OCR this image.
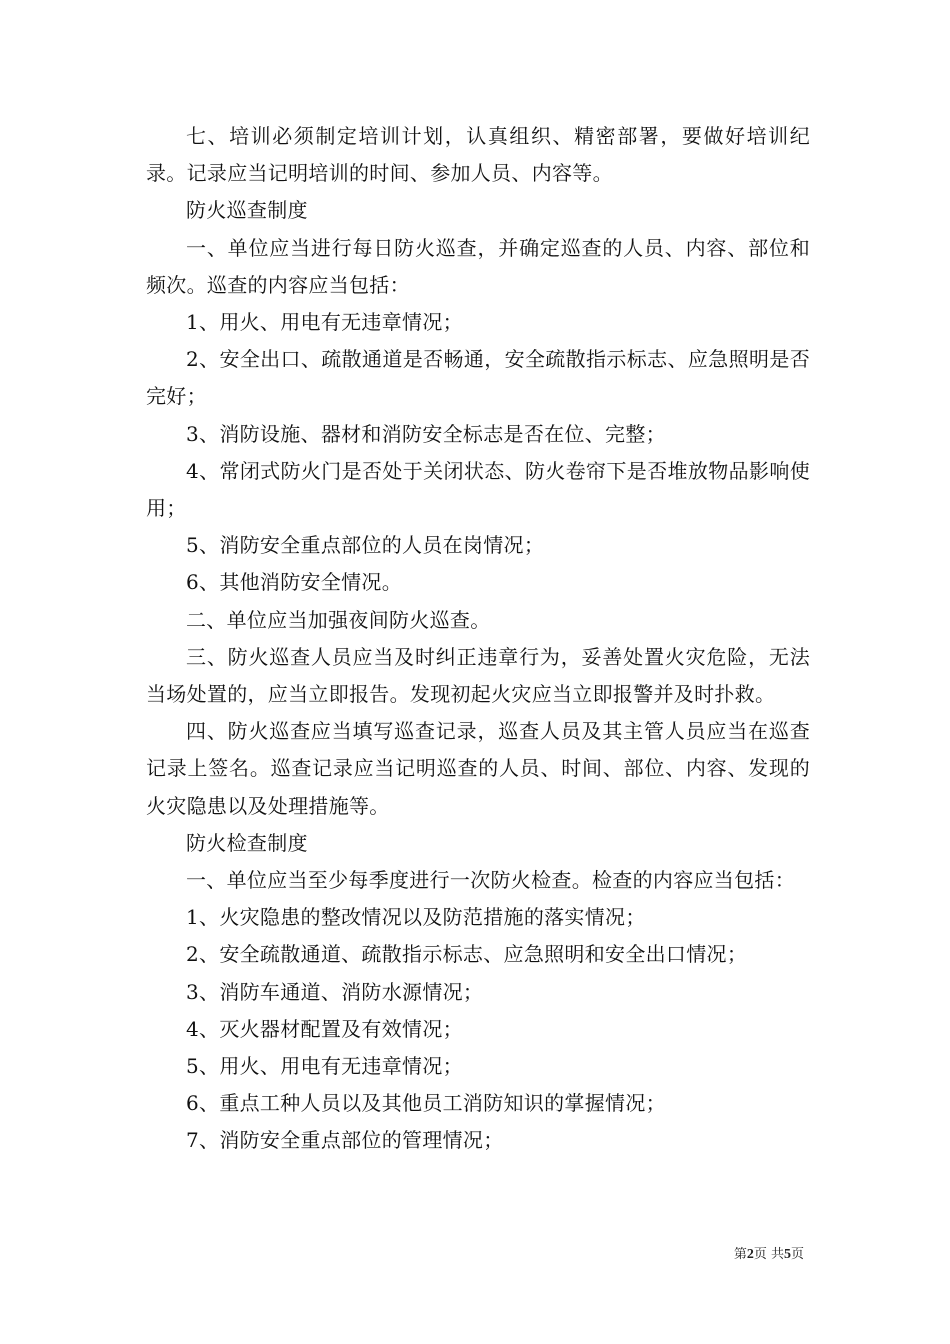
七、培训必须制定培训计划，认真组织、精密部署，要做好培训纪录。记录应当记明培训的时间、参加人员、内容等。

防火巡查制度

一、单位应当进行每日防火巡查，并确定巡查的人员、内容、部位和频次。巡查的内容应当包括：

1、用火、用电有无违章情况；

2、安全出口、疏散通道是否畅通，安全疏散指示标志、应急照明是否完好；

3、消防设施、器材和消防安全标志是否在位、完整；

4、常闭式防火门是否处于关闭状态、防火卷帘下是否堆放物品影响使用；

5、消防安全重点部位的人员在岗情况；

6、其他消防安全情况。

二、单位应当加强夜间防火巡查。

三、防火巡查人员应当及时纠正违章行为，妥善处置火灾危险，无法当场处置的，应当立即报告。发现初起火灾应当立即报警并及时扑救。

四、防火巡查应当填写巡查记录，巡查人员及其主管人员应当在巡查记录上签名。巡查记录应当记明巡查的人员、时间、部位、内容、发现的火灾隐患以及处理措施等。

防火检查制度

一、单位应当至少每季度进行一次防火检查。检查的内容应当包括：

1、火灾隐患的整改情况以及防范措施的落实情况；

2、安全疏散通道、疏散指示标志、应急照明和安全出口情况；

3、消防车通道、消防水源情况；

4、灭火器材配置及有效情况；

5、用火、用电有无违章情况；

6、重点工种人员以及其他员工消防知识的掌握情况；

7、消防安全重点部位的管理情况；

第2页 共5页
